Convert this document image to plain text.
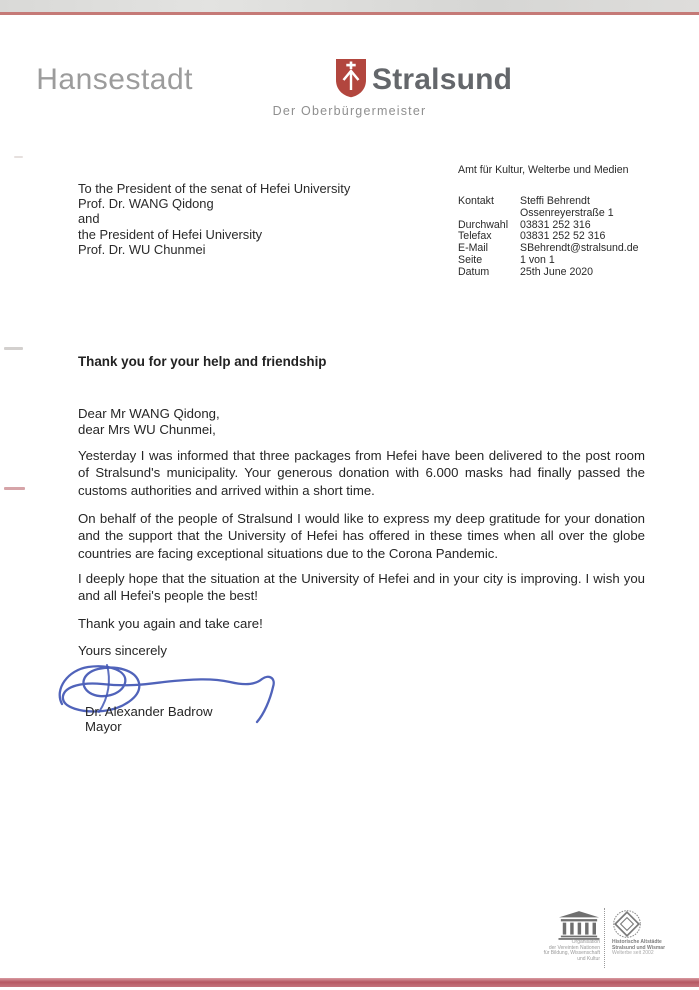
Hansestadt	Stralsund
Der Oberbürgermeister
To the President of the senat of Hefei University
Prof. Dr. WANG Qidong
and
the President of Hefei University
Prof. Dr. WU Chunmei
Amt für Kultur, Welterbe und Medien
Kontakt	Steffi Behrendt
Ossenreyerstraße 1
Durchwahl	03831 252 316
Telefax	03831 252 52 316
E-Mail	SBehrendt@stralsund.de
Seite	1 von 1
Datum	25th June 2020
Thank you for your help and friendship
Dear Mr WANG Qidong,
dear Mrs WU Chunmei,
Yesterday I was informed that three packages from Hefei have been delivered to the post room of Stralsund's municipality. Your generous donation with 6.000 masks had finally passed the customs authorities and arrived within a short time.
On behalf of the people of Stralsund I would like to express my deep gratitude for your donation and the support that the University of Hefei has offered in these times when all over the globe countries are facing exceptional situations due to the Corona Pandemic.
I deeply hope that the situation at the University of Hefei and in your city is improving. I wish you and all Hefei's people the best!
Thank you again and take care!
Yours sincerely
Dr. Alexander Badrow
Mayor
Organisation
der Vereinten Nationen
für Bildung, Wissenschaft
und Kultur
Historische Altstädte
Stralsund und Wismar
Welterbe seit 2002
